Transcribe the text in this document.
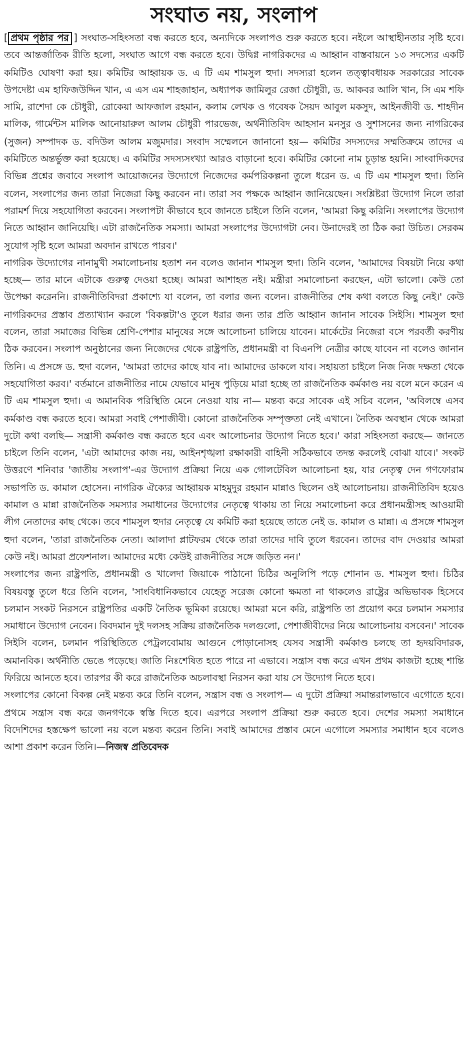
সংঘাত নয়, সংলাপ

[ প্রথম পৃষ্ঠার পর ] সংঘাত-সহিংসতা বন্ধ করতে হবে, অন্যদিকে সংলাপও শুরু করতে হবে। নইলে আস্থাহীনতার সৃষ্টি হবে। তবে আন্তর্জাতিক রীতি হলো, সংঘাত আগে বন্ধ করতে হবে। উদ্বিগ্ন নাগরিকদের এ আহ্বান বাস্তবায়নে ১৩ সদস্যের একটি কমিটিও ঘোষণা করা হয়। কমিটির আহ্বায়ক ড. এ টি এম শামসুল হুদা। সদস্যরা হলেন তত্ত্বাবধায়ক সরকারের সাবেক উপদেষ্টা এম হাফিজউদ্দিন খান, এ এস এম শাহজাহান, অধ্যাপক জামিলুর রেজা চৌধুরী, ড. আকবর আলি খান, সি এম শফি সামি, রাশেদা কে চৌধুরী, রোকেয়া আফজাল রহমান, কলাম লেখক ও গবেষক সৈয়দ আবুল মকসুদ, আইনজীবী ড. শাহদীন মালিক, গার্মেন্টস মালিক আনোয়ারুল আলম চৌধুরী পারভেজ, অর্থনীতিবিদ আহসান মনসুর ও সুশাসনের জন্য নাগরিকের (সুজন) সম্পাদক ড. বদিউল আলম মজুমদার। সংবাদ সম্মেলনে জানানো হয়— কমিটির সদস্যদের সম্মতিক্রমে তাদের এ কমিটিতে অন্তর্ভুক্ত করা হয়েছে। এ কমিটির সদস্যসংখ্যা আরও বাড়ানো হবে। কমিটির কোনো নাম চূড়ান্ত হয়নি। সাংবাদিকদের বিভিন্ন প্রশ্নের জবাবে সংলাপ আয়োজনের উদ্যোগে নিজেদের কর্মপরিকল্পনা তুলে ধরেন ড. এ টি এম শামসুল হুদা। তিনি বলেন, সংলাপের জন্য তারা নিজেরা কিছু করবেন না। তারা সব পক্ষকে আহ্বান জানিয়েছেন। সংশ্লিষ্টরা উদ্যোগ নিলে তারা পরামর্শ দিয়ে সহযোগিতা করবেন। সংলাপটা কীভাবে হবে জানতে চাইলে তিনি বলেন, 'আমরা কিছু করিনি। সংলাপের উদ্যোগ নিতে আহ্বান জানিয়েছি। এটা রাজনৈতিক সমস্যা। আমরা সংলাপের উদ্যোগটা নেব। উনাদেরই তা ঠিক করা উচিত। সেরকম সুযোগ সৃষ্টি হলে আমরা অবদান রাখতে পারব।'

নাগরিক উদ্যোগের নানামুখী সমালোচনায় হতাশ নন বলেও জানান শামসুল হুদা। তিনি বলেন, 'আমাদের বিষয়টা নিয়ে কথা হচ্ছে— তার মানে এটাকে গুরুত্ব দেওয়া হচ্ছে। আমরা আশাহত নই। মন্ত্রীরা সমালোচনা করছেন, এটা ভালো। কেউ তো উপেক্ষা করেননি। রাজনীতিবিদরা প্রকাশ্যে যা বলেন, তা বলার জন্য বলেন। রাজনীতির শেষ কথা বলতে কিছু নেই।' কেউ নাগরিকদের প্রস্তাব প্রত্যাখ্যান করলে 'বিকল্পটা'ও তুলে ধরার জন্য তার প্রতি আহ্বান জানান সাবেক সিইসি। শামসুল হুদা বলেন, তারা সমাজের বিভিন্ন শ্রেণি-পেশার মানুষের সঙ্গে আলোচনা চালিয়ে যাবেন। মার্কেটের নিজেরা বসে পরবর্তী করণীয় ঠিক করবেন। সংলাপ অনুষ্ঠানের জন্য নিজেদের থেকে রাষ্ট্রপতি, প্রধানমন্ত্রী বা বিএনপি নেত্রীর কাছে যাবেন না বলেও জানান তিনি। এ প্রসঙ্গে ড. হুদা বলেন, 'আমরা তাদের কাছে যাব না। আমাদের ডাকলে যাব। সহায়তা চাইলে নিজ নিজ দক্ষতা থেকে সহযোগিতা করব।' বর্তমানে রাজনীতির নামে যেভাবে মানুষ পুড়িয়ে মারা হচ্ছে তা রাজনৈতিক কর্মকাণ্ড নয় বলে মনে করেন এ টি এম শামসুল হুদা। এ অমানবিক পরিস্থিতি মেনে নেওয়া যায় না— মন্তব্য করে সাবেক এই সচিব বলেন, 'অবিলম্বে এসব কর্মকাণ্ড বন্ধ করতে হবে। আমরা সবাই পেশাজীবী। কোনো রাজনৈতিক সম্পৃক্ততা নেই এখানে। নৈতিক অবস্থান থেকে আমরা দুটো কথা বলছি— সন্ত্রাসী কর্মকাণ্ড বন্ধ করতে হবে এবং আলোচনার উদ্যোগ নিতে হবে।' কারা সহিংসতা করছে— জানতে চাইলে তিনি বলেন, 'এটা আমাদের কাজ নয়, আইনশৃঙ্খলা রক্ষাকারী বাহিনী সঠিকভাবে তদন্ত করলেই বোঝা যাবে।' সংকট উত্তরণে শনিবার 'জাতীয় সংলাপ'-এর উদ্যোগ প্রক্রিয়া নিয়ে এক গোলটেবিল আলোচনা হয়, যার নেতৃত্ব দেন গণফোরাম সভাপতি ড. কামাল হোসেন। নাগরিক ঐক্যের আহ্বায়ক মাহমুদুর রহমান মান্নাও ছিলেন ওই আলোচনায়। রাজনীতিবিদ হয়েও কামাল ও মান্না রাজনৈতিক সমস্যার সমাধানের উদ্যোগের নেতৃত্বে থাকায় তা নিয়ে সমালোচনা করে প্রধানমন্ত্রীসহ আওয়ামী লীগ নেতাদের কাছ থেকে। তবে শামসুল হুদার নেতৃত্বে যে কমিটি করা হয়েছে তাতে নেই ড. কামাল ও মান্না। এ প্রসঙ্গে শামসুল হুদা বলেন, 'তারা রাজনৈতিক নেতা। আলাদা প্লাটফরম থেকে তারা তাদের দাবি তুলে ধরবেন। তাদের বাদ দেওয়ার আমরা কেউ নই। আমরা প্রফেশনাল। আমাদের মধ্যে কেউই রাজনীতির সঙ্গে জড়িত নন।'

সংলাপের জন্য রাষ্ট্রপতি, প্রধানমন্ত্রী ও খালেদা জিয়াকে পাঠানো চিঠির অনুলিপি পড়ে শোনান ড. শামসুল হুদা। চিঠির বিষয়বস্তু তুলে ধরে তিনি বলেন, 'সাংবিধানিকভাবে যেহেতু সরেজ কোনো ক্ষমতা না থাকলেও রাষ্ট্রের অভিভাবক হিসেবে চলমান সংকট নিরসনে রাষ্ট্রপতির একটি নৈতিক ভূমিকা রয়েছে। আমরা মনে করি, রাষ্ট্রপতি তা প্রয়োগ করে চলমান সমস্যার সমাধানে উদ্যোগ নেবেন। বিবদমান দুই দলসহ সক্রিয় রাজনৈতিক দলগুলো, পেশাজীবীদের নিয়ে আলোচনায় বসবেন।' সাবেক সিইসি বলেন, চলমান পরিস্থিতিতে পেট্রলবোমায় আগুনে পোড়ানোসহ যেসব সন্ত্রাসী কর্মকাণ্ড চলছে তা হৃদয়বিদারক, অমানবিক। অর্থনীতি ভেঙে পড়েছে। জাতি নিঃশেষিত হতে পারে না এভাবে। সন্ত্রাস বন্ধ করে এখন প্রথম কাজটা হচ্ছে শান্তি ফিরিয়ে আনতে হবে। তারপর কী করে রাজনৈতিক অচলাবস্থা নিরসন করা যায় সে উদ্যোগ নিতে হবে।

সংলাপের কোনো বিকল্প নেই মন্তব্য করে তিনি বলেন, সন্ত্রাস বন্ধ ও সংলাপ— এ দুটো প্রক্রিয়া সমান্তরালভাবে এগোতে হবে। প্রথমে সন্ত্রাস বন্ধ করে জনগণকে স্বস্তি দিতে হবে। এরপরে সংলাপ প্রক্রিয়া শুরু করতে হবে। দেশের সমস্যা সমাধানে বিদেশিদের হস্তক্ষেপ ভালো নয় বলে মন্তব্য করেন তিনি। সবাই আমাদের প্রস্তাব মেনে এগোলে সমস্যার সমাধান হবে বলেও আশা প্রকাশ করেন তিনি।—নিজস্ব প্রতিবেদক
